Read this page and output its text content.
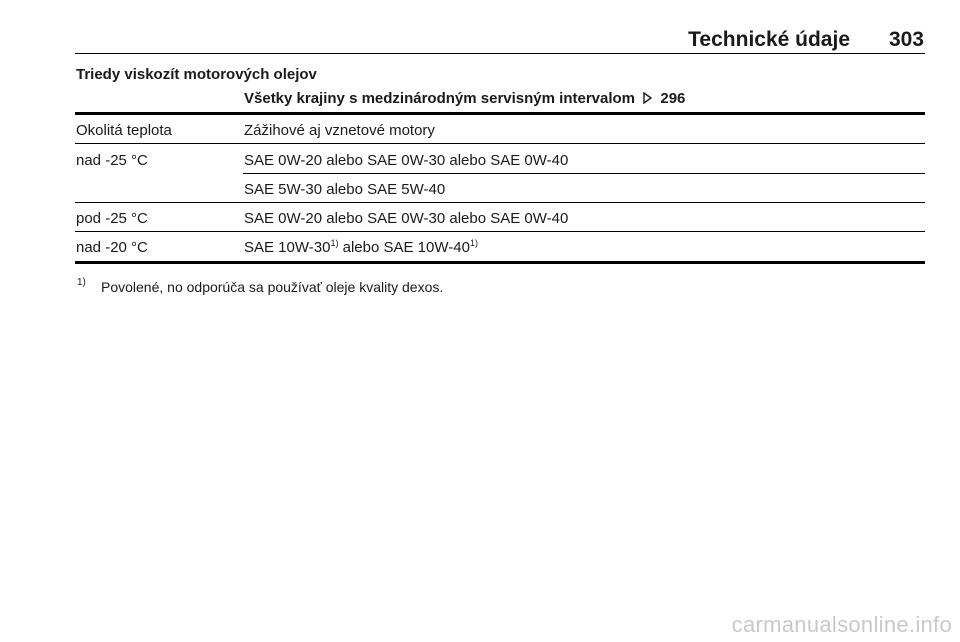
Technické údaje	303
Triedy viskozít motorových olejov
Všetky krajiny s medzinárodným servisným intervalom 296
Okolitá teplota	Zážihové aj vznetové motory
nad -25 °C	SAE 0W-20 alebo SAE 0W-30 alebo SAE 0W-40
SAE 5W-30 alebo SAE 5W-40
pod -25 °C	SAE 0W-20 alebo SAE 0W-30 alebo SAE 0W-40
nad -20 °C	SAE 10W-30$^{1)}$ alebo SAE 10W-40$^{1)}$
1) Povolené, no odporúča sa používať oleje kvality dexos.
carmanualsonline.info
